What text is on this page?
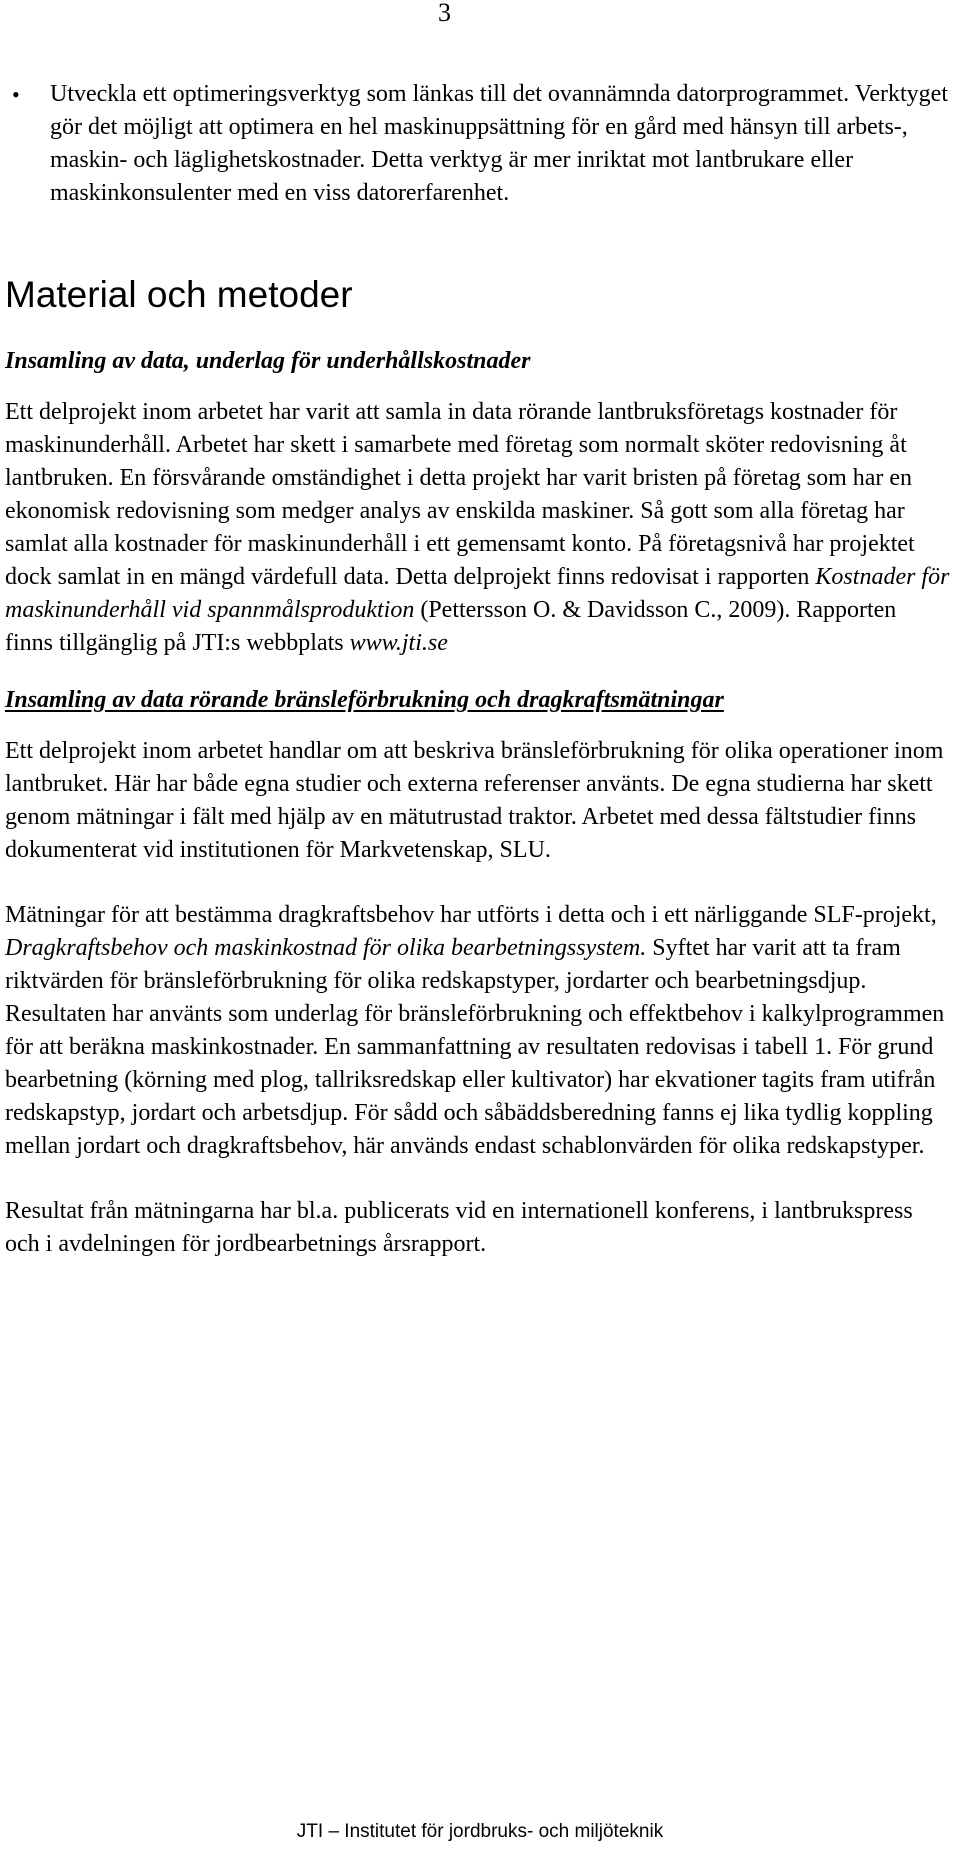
3
• Utveckla ett optimeringsverktyg som länkas till det ovannämnda datorprogrammet. Verktyget gör det möjligt att optimera en hel maskinuppsättning för en gård med hänsyn till arbets-, maskin- och läglighetskostnader. Detta verktyg är mer inriktat mot lantbrukare eller maskinkonsulenter med en viss datorerfarenhet.
Material och metoder
Insamling av data, underlag för underhållskostnader

Ett delprojekt inom arbetet har varit att samla in data rörande lantbruksföretags kostnader för maskinunderhåll. Arbetet har skett i samarbete med företag som normalt sköter redovisning åt lantbruken. En försvårande omständighet i detta projekt har varit bristen på företag som har en ekonomisk redovisning som medger analys av enskilda maskiner. Så gott som alla företag har samlat alla kostnader för maskinunderhåll i ett gemensamt konto. På företagsnivå har projektet dock samlat in en mängd värdefull data. Detta delprojekt finns redovisat i rapporten Kostnader för maskinunderhåll vid spannmålsproduktion (Pettersson O. & Davidsson C., 2009). Rapporten finns tillgänglig på JTI:s webbplats www.jti.se

Insamling av data rörande bränsleförbrukning och dragkraftsmätningar

Ett delprojekt inom arbetet handlar om att beskriva bränsleförbrukning för olika operationer inom lantbruket. Här har både egna studier och externa referenser använts. De egna studierna har skett genom mätningar i fält med hjälp av en mätutrustad traktor. Arbetet med dessa fältstudier finns dokumenterat vid institutionen för Markvetenskap, SLU.

Mätningar för att bestämma dragkraftsbehov har utförts i detta och i ett närliggande SLF-projekt, Dragkraftsbehov och maskinkostnad för olika bearbetningssystem. Syftet har varit att ta fram riktvärden för bränsleförbrukning för olika redskapstyper, jordarter och bearbetningsdjup. Resultaten har använts som underlag för bränsleförbrukning och effektbehov i kalkylprogrammen för att beräkna maskinkostnader. En sammanfattning av resultaten redovisas i tabell 1. För grund bearbetning (körning med plog, tallriksredskap eller kultivator) har ekvationer tagits fram utifrån redskapstyp, jordart och arbetsdjup. För sådd och såbäddsberedning fanns ej lika tydlig koppling mellan jordart och dragkraftsbehov, här används endast schablonvärden för olika redskapstyper.

Resultat från mätningarna har bl.a. publicerats vid en internationell konferens, i lantbrukspress och i avdelningen för jordbearbetnings årsrapport.

JTI – Institutet för jordbruks- och miljöteknik
